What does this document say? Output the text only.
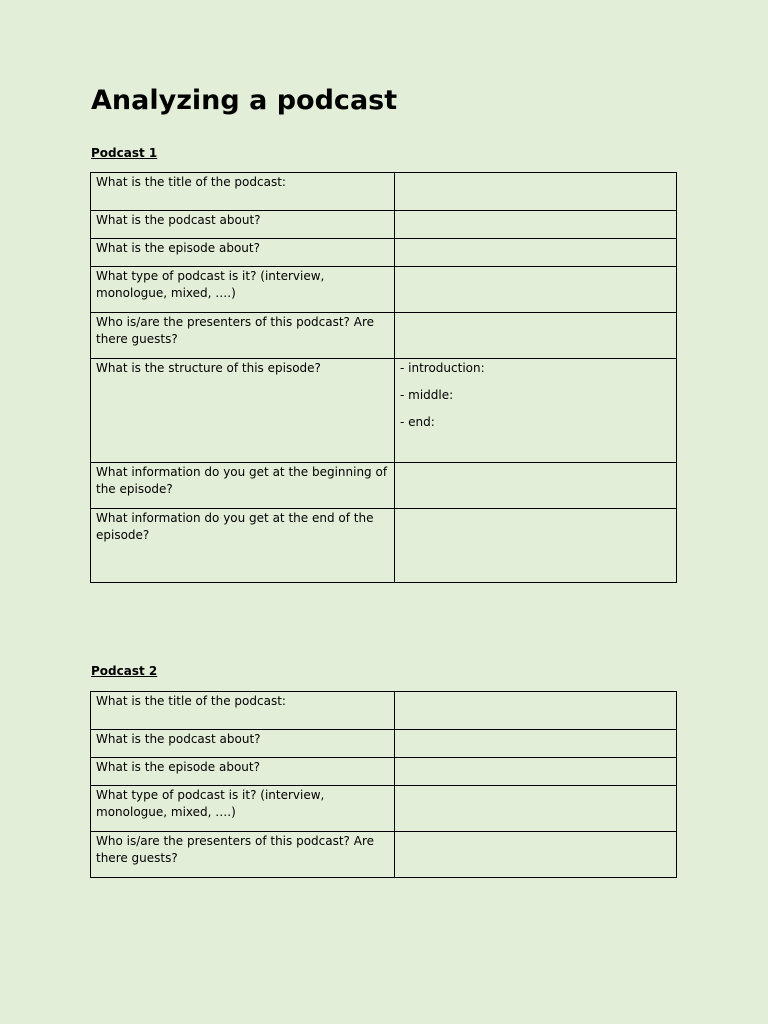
Analyzing a podcast
Podcast 1
What is the title of the podcast:	
What is the podcast about?	
What is the episode about?	
What type of podcast is it? (interview, monologue, mixed, ….)	
Who is/are the presenters of this podcast? Are there guests?	
What is the structure of this episode?	- introduction:
- middle:
- end:

What information do you get at the beginning of the episode?	
What information do you get at the end of the episode?	
Podcast 2
What is the title of the podcast:	
What is the podcast about?	
What is the episode about?	
What type of podcast is it? (interview, monologue, mixed, ….)	
Who is/are the presenters of this podcast? Are there guests?	
